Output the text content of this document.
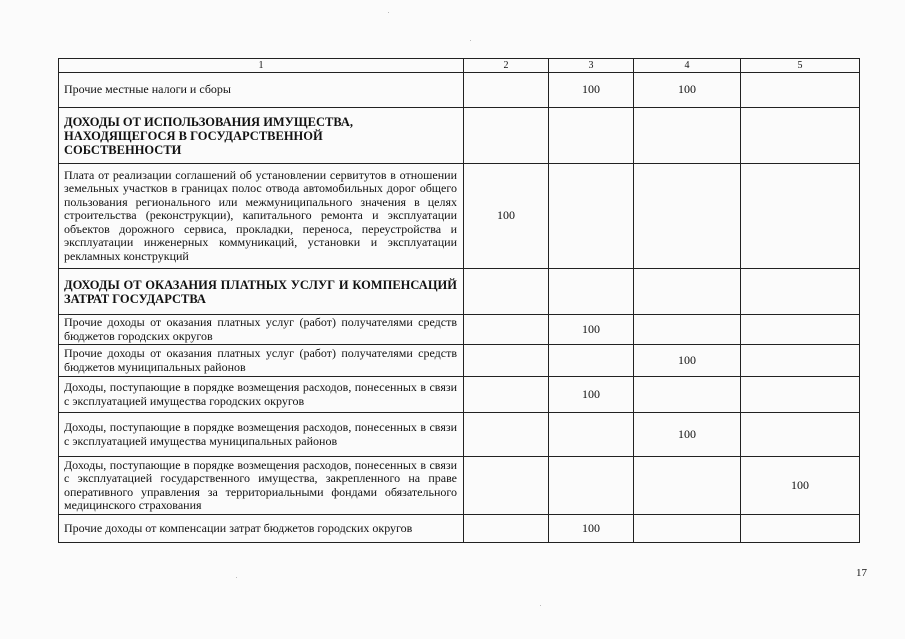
1	2	3	4	5

Прочие местные налоги и сборы		100	100	

ДОХОДЫ ОТ ИСПОЛЬЗОВАНИЯ ИМУЩЕСТВА, НАХОДЯЩЕГОСЯ В ГОСУДАРСТВЕННОЙ СОБСТВЕННОСТИ				

Плата от реализации соглашений об установлении сервитутов в отношении земельных участков в границах полос отвода автомобильных дорог общего пользования регионального или межмуниципального значения в целях строительства (реконструкции), капитального ремонта и эксплуатации объектов дорожного сервиса, прокладки, переноса, переустройства и эксплуатации инженерных коммуникаций, установки и эксплуатации рекламных конструкций	100			

ДОХОДЫ ОТ ОКАЗАНИЯ ПЛАТНЫХ УСЛУГ И КОМПЕНСАЦИЙ ЗАТРАТ ГОСУДАРСТВА				

Прочие доходы от оказания платных услуг (работ) получателями средств бюджетов городских округов		100		

Прочие доходы от оказания платных услуг (работ) получателями средств бюджетов муниципальных районов			100	

Доходы, поступающие в порядке возмещения расходов, понесенных в связи с эксплуатацией имущества городских округов		100		

Доходы, поступающие в порядке возмещения расходов, понесенных в связи с эксплуатацией имущества муниципальных районов			100	

Доходы, поступающие в порядке возмещения расходов, понесенных в связи с эксплуатацией государственного имущества, закрепленного на праве оперативного управления за территориальными фондами обязательного медицинского страхования				100

Прочие доходы от компенсации затрат бюджетов городских округов		100		
17
